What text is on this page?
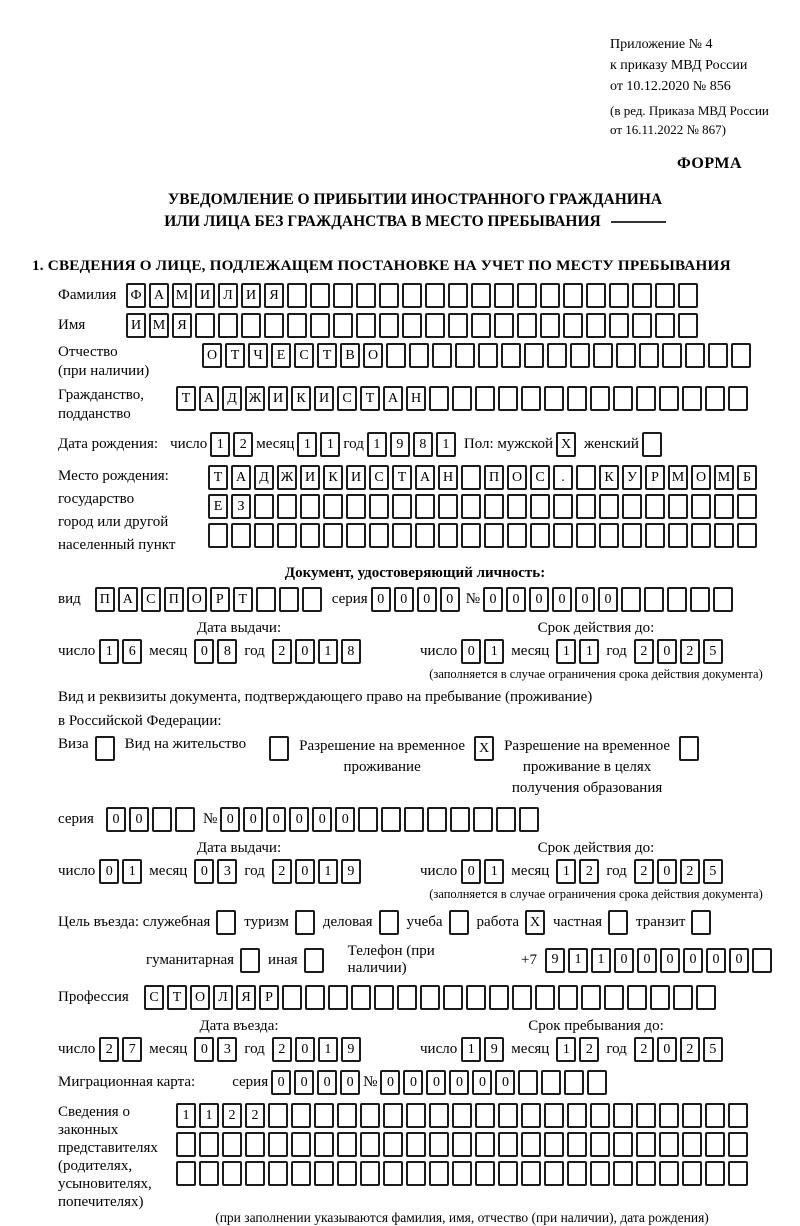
Приложение № 4
к приказу МВД России
от 10.12.2020 № 856
(в ред. Приказа МВД России
от 16.11.2022 № 867)
ФОРМА
УВЕДОМЛЕНИЕ О ПРИБЫТИИ ИНОСТРАННОГО ГРАЖДАНИНА
ИЛИ ЛИЦА БЕЗ ГРАЖДАНСТВА В МЕСТО ПРЕБЫВАНИЯ
1. СВЕДЕНИЯ О ЛИЦЕ, ПОДЛЕЖАЩЕМ ПОСТАНОВКЕ НА УЧЕТ ПО МЕСТУ ПРЕБЫВАНИЯ
Фамилия	Ф А М И Л И Я
Имя	И М Я
Отчество
(при наличии)
О Т	Ч	Е	С	Т	В О
Гражданство,
подданство
Т А Д Ж И К И С	Т А Н
Дата рождения: число 1	2 месяц 1	1 год 1	9	8	1 Пол: мужской X женский
Место рождения:
государство
город или другой
населенный пункт
Т А Д Ж И К И С	Т А Н	П О С	.	К У	Р М О М Б
Е	З
Документ, удостоверяющий личность:
вид	П А С П О	Р	Т	серия 0	0	0	0 № 0	0	0	0	0	0
Дата выдачи:
число 1	6 месяц 0	8 год 2	0	1	8
Срок действия до:
число 0	1 месяц 1	1 год 2	0	2	5
(заполняется в случае ограничения срока действия документа)
Вид и реквизиты документа, подтверждающего право на пребывание (проживание)
в Российской Федерации:
Виза Вид на жительство	Разрешение на временное
проживание
X Разрешение на временное
проживание в целях
получения образования
серия	0	0	№ 0	0	0	0	0	0
Дата выдачи:
число 0	1 месяц 0	3 год 2	0	1	9
Срок действия до:
число 0	1 месяц 1	2 год 2	0	2	5
(заполняется в случае ограничения срока действия документа)
Цель въезда: служебная туризм деловая учеба работа X частная транзит
гуманитарная иная
Телефон (при наличии)
+7	9	1	1	0	0	0	0	0	0
Профессия	С	Т О Л Я	Р
Дата въезда:
число 2	7 месяц 0	3 год 2	0	1	9
Срок пребывания до:
число 1	9 месяц 1	2 год 2	0	2	5
Миграционная карта: серия 0	0	0	0 № 0	0	0	0	0	0
Сведения о
законных
представителях
(родителях,
усыновителях,
попечителях)
1	1	2	2
(при заполнении указываются фамилия, имя, отчество (при наличии), дата рождения)
